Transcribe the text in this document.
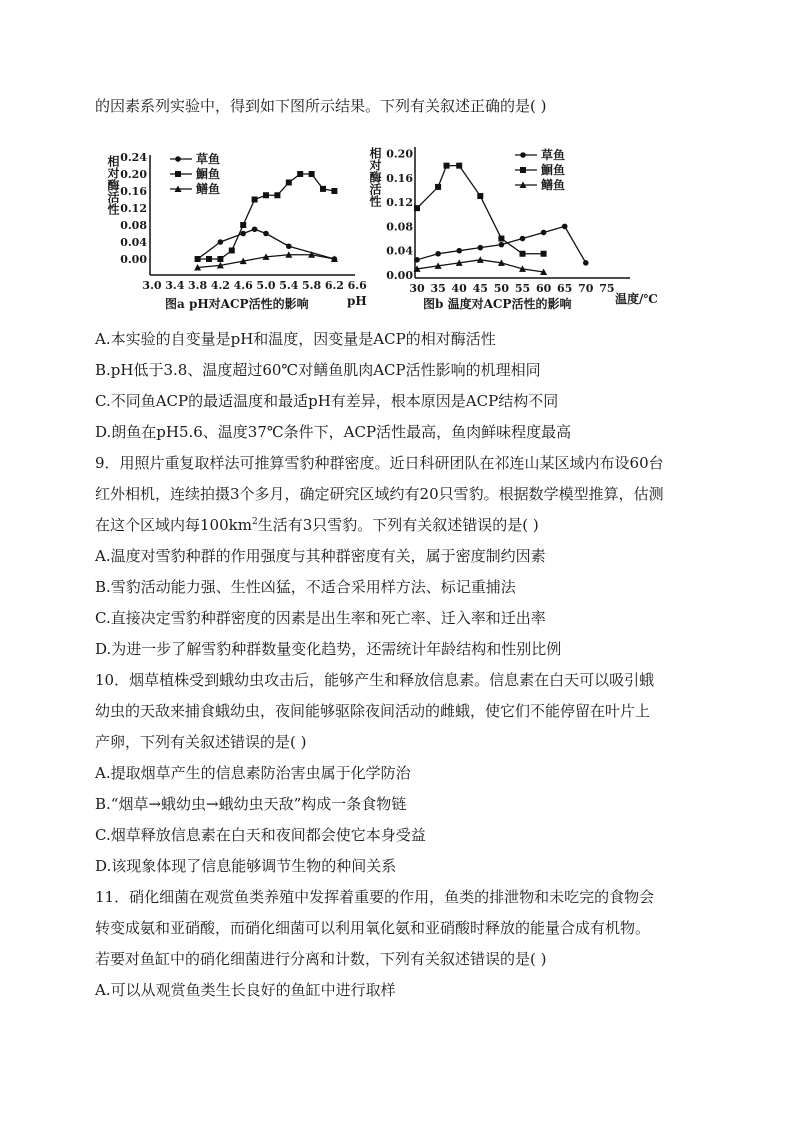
的因素系列实验中，得到如下图所示结果。下列有关叙述正确的是( )
3.0 3.4 3.8 4.2 4.6 5.0 5.4 5.8 6.2 6.6
0.00
0.04
0.08
0.12
0.16
0.20
0.24
相对酶活性
pH
图a pH对ACP活性的影响
草鱼
鮰鱼
鳝鱼
30 35 40 45 50 55 60 65 70 75
0.00
0.04
0.08
0.12
0.16
0.20
相对酶活性
温度/℃
图b 温度对ACP活性的影响
草鱼
鮰鱼
鳝鱼
A.本实验的自变量是pH和温度，因变量是ACP的相对酶活性
B.pH低于3.8、温度超过60℃对鳝鱼肌肉ACP活性影响的机理相同
C.不同鱼ACP的最适温度和最适pH有差异，根本原因是ACP结构不同
D.朗鱼在pH5.6、温度37℃条件下，ACP活性最高，鱼肉鲜味程度最高
9．用照片重复取样法可推算雪豹种群密度。近日科研团队在祁连山某区域内布设60台
红外相机，连续拍摄3个多月，确定研究区域约有20只雪豹。根据数学模型推算，估测
在这个区域内每$100km^2$生活有3只雪豹。下列有关叙述错误的是( )
A.温度对雪豹种群的作用强度与其种群密度有关，属于密度制约因素
B.雪豹活动能力强、生性凶猛，不适合采用样方法、标记重捕法
C.直接决定雪豹种群密度的因素是出生率和死亡率、迁入率和迁出率
D.为进一步了解雪豹种群数量变化趋势，还需统计年龄结构和性别比例
10．烟草植株受到蛾幼虫攻击后，能够产生和释放信息素。信息素在白天可以吸引蛾
幼虫的天敌来捕食蛾幼虫，夜间能够驱除夜间活动的雌蛾，使它们不能停留在叶片上
产卵，下列有关叙述错误的是( )
A.提取烟草产生的信息素防治害虫属于化学防治
B.“烟草→蛾幼虫→蛾幼虫天敌”构成一条食物链
C.烟草释放信息素在白天和夜间都会使它本身受益
D.该现象体现了信息能够调节生物的种间关系
11．硝化细菌在观赏鱼类养殖中发挥着重要的作用，鱼类的排泄物和未吃完的食物会
转变成氨和亚硝酸，而硝化细菌可以利用氧化氨和亚硝酸时释放的能量合成有机物。
若要对鱼缸中的硝化细菌进行分离和计数，下列有关叙述错误的是( )
A.可以从观赏鱼类生长良好的鱼缸中进行取样
